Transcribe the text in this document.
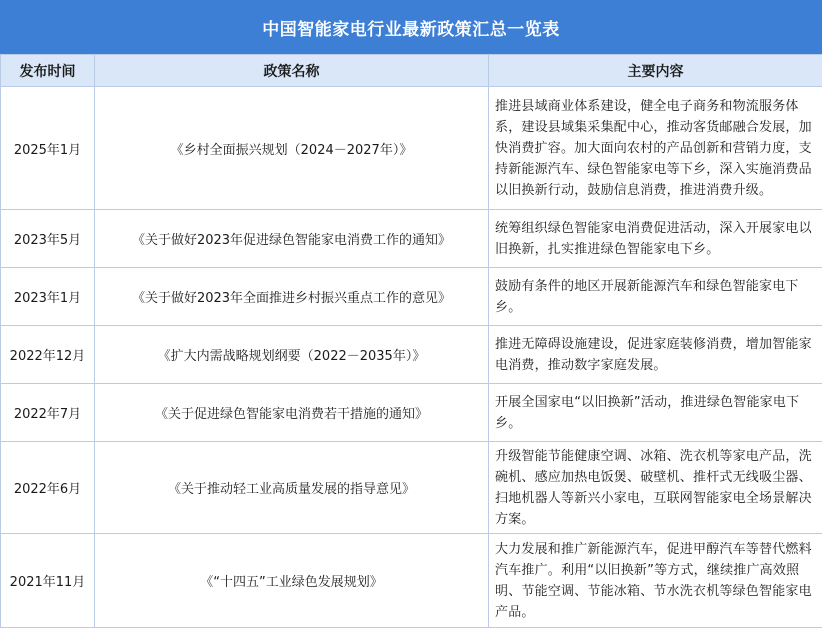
中国智能家电行业最新政策汇总一览表
发布时间	政策名称	主要内容
2025年1月	《乡村全面振兴规划（2024－2027年）》	推进县域商业体系建设，健全电子商务和物流服务体系，建设县域集采集配中心，推动客货邮融合发展，加快消费扩容。加大面向农村的产品创新和营销力度，支持新能源汽车、绿色智能家电等下乡，深入实施消费品以旧换新行动，鼓励信息消费，推进消费升级。
2023年5月	《关于做好2023年促进绿色智能家电消费工作的通知》	统筹组织绿色智能家电消费促进活动，深入开展家电以旧换新，扎实推进绿色智能家电下乡。
2023年1月	《关于做好2023年全面推进乡村振兴重点工作的意见》	鼓励有条件的地区开展新能源汽车和绿色智能家电下乡。
2022年12月	《扩大内需战略规划纲要（2022－2035年）》	推进无障碍设施建设，促进家庭装修消费，增加智能家电消费，推动数字家庭发展。
2022年7月	《关于促进绿色智能家电消费若干措施的通知》	开展全国家电“以旧换新”活动，推进绿色智能家电下乡。
2022年6月	《关于推动轻工业高质量发展的指导意见》	升级智能节能健康空调、冰箱、洗衣机等家电产品，洗碗机、感应加热电饭煲、破壁机、推杆式无线吸尘器、扫地机器人等新兴小家电，互联网智能家电全场景解决方案。
2021年11月	《“十四五”工业绿色发展规划》	大力发展和推广新能源汽车，促进甲醇汽车等替代燃料汽车推广。利用“以旧换新”等方式，继续推广高效照明、节能空调、节能冰箱、节水洗衣机等绿色智能家电产品。
